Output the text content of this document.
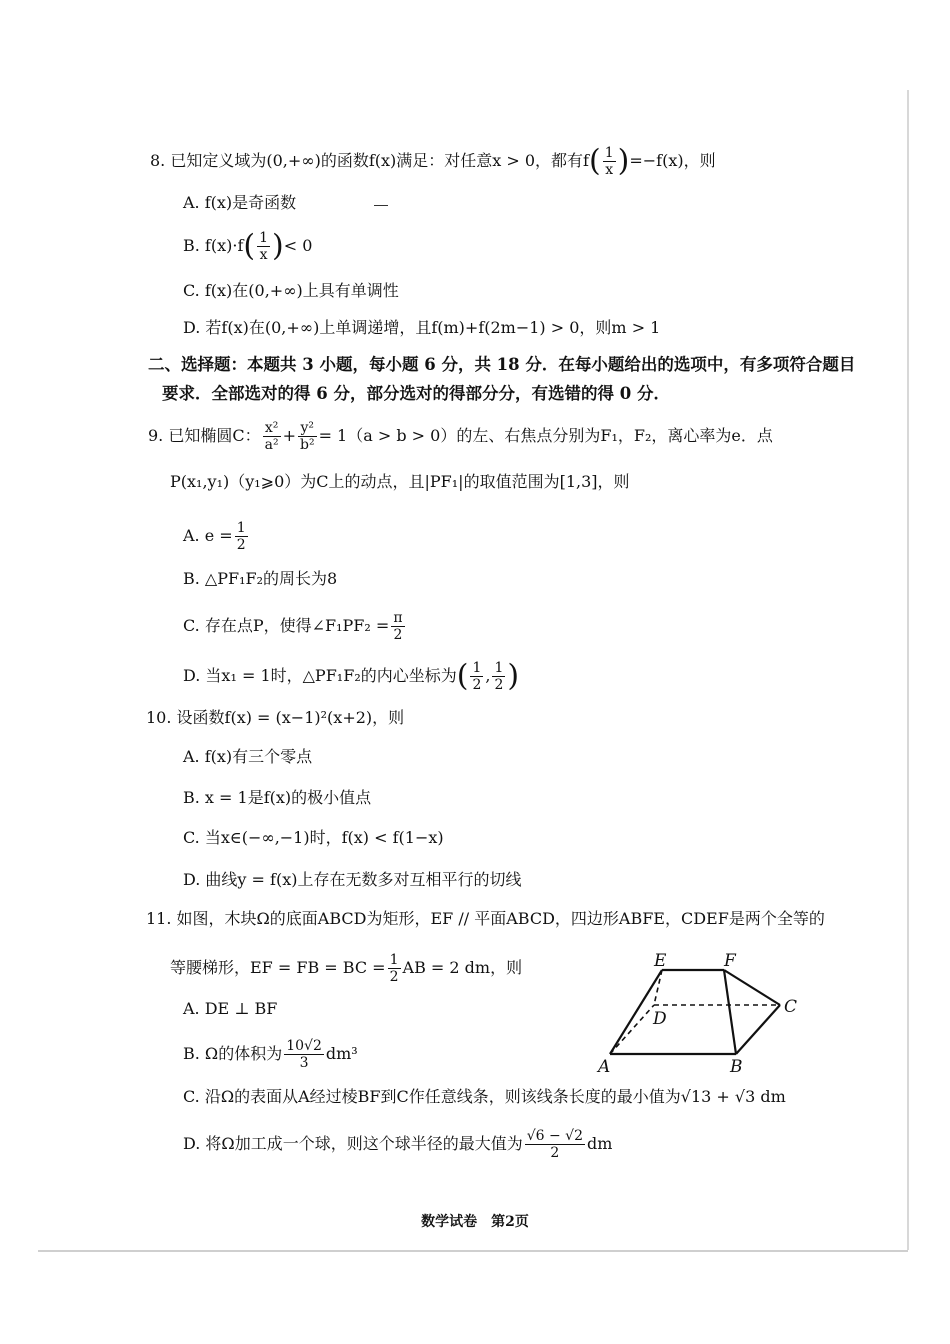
8. 已知定义域为(0,+∞)的函数f(x)满足：对任意x > 0，都有$f( \frac{1}{x} )=-f(x)$，则
A. f(x)是奇函数
B. $f(x)\cdot f( \frac{1}{x}$ )< 0
C. f(x)在(0,+∞)上具有单调性
D. 若f(x)在(0,+∞)上单调递增，且f(m)+f(2m−1) > 0，则m > 1
二、选择题：本题共 3 小题，每小题 6 分，共 18 分．在每小题给出的选项中，有多项符合题目
要求．全部选对的得 6 分，部分选对的得部分分，有选错的得 0 分．
9. 已知椭圆C： $\frac{\text{x²}}{\text{a²}} + \frac{\text{y²}}{\text{b²}} = 1(a > b > 0)$的左、右焦点分别为F₁，F₂，离心率为e．点
P(x₁,y₁)（y₁⩾0）为C上的动点，且|PF₁|的取值范围为[1,3]，则
A. $e = \frac{1}{2}$
B. △PF₁F₂的周长为8
C. 存在点P，使得∠F₁PF₂ = $\frac{\pi}{2}$
D. 当x₁ = 1时，△PF₁F₂的内心坐标为( $\frac{1}{2}$ , $\frac{1}{2}$ )
10. 设函数f(x) = (x−1)²(x+2)，则
A. f(x)有三个零点
B. x = 1是f(x)的极小值点
C. 当x∈(−∞,−1)时，f(x) < f(1−x)
D. 曲线y = f(x)上存在无数多对互相平行的切线
11. 如图，木块Ω的底面ABCD为矩形，EF // 平面ABCD，四边形ABFE，CDEF是两个全等的
等腰梯形，EF = FB = BC = $\frac{1}{2}$ AB = 2 dm，则
A. DE ⊥ BF
B. Ω的体积为 $\frac{10√2}{3} dm^3$
C. 沿Ω的表面从A经过棱BF到C作任意线条，则该线条长度的最小值为√13 + √3 dm
D. 将Ω加工成一个球，则这个球半径的最大值为 $\frac{√6 - √2}{2}$ dm
E	F
D
C
A	B
数学试卷　第2页
